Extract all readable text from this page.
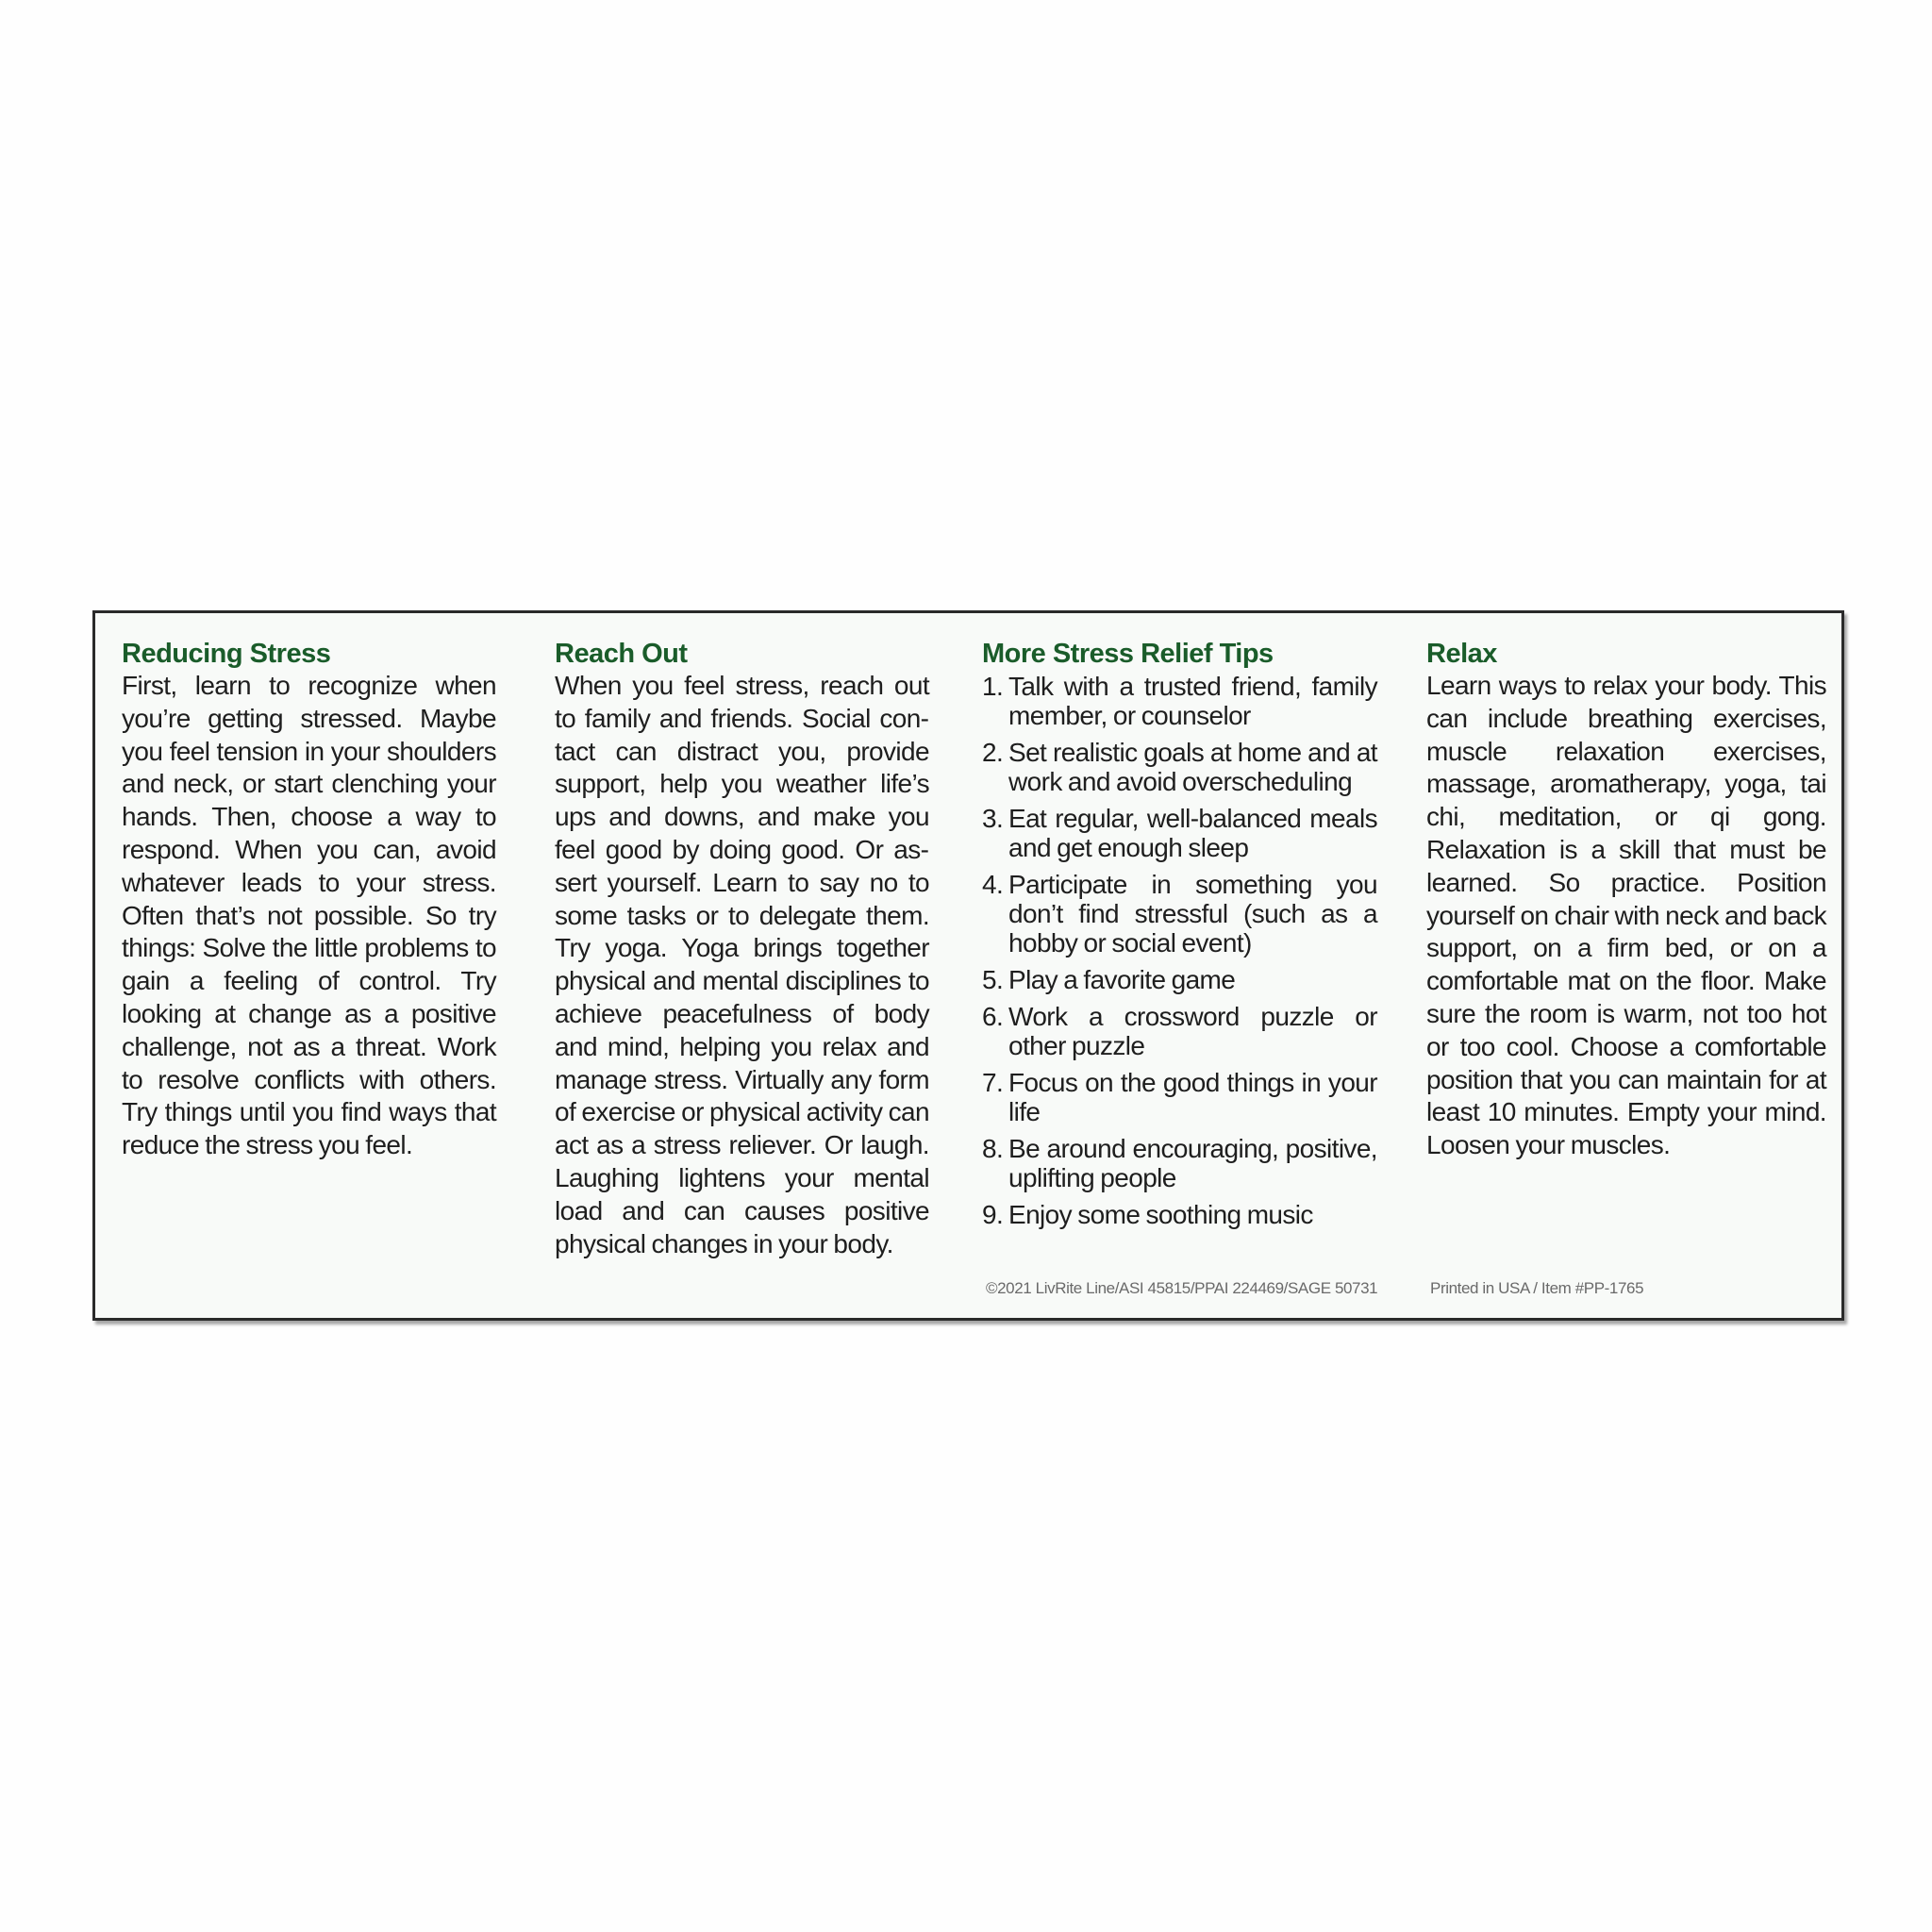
Reducing Stress

First, learn to recognize when you’re getting stressed. Maybe you feel tension in your shoulders and neck, or start clenching your hands. Then, choose a way to respond. When you can, avoid whatever leads to your stress. Often that’s not possible. So try things: Solve the little problems to gain a feeling of control. Try looking at change as a positive challenge, not as a threat. Work to resolve conflicts with others. Try things until you find ways that reduce the stress you feel.

Reach Out

When you feel stress, reach out to family and friends. Social contact can distract you, provide support, help you weather life’s ups and downs, and make you feel good by doing good. Or assert yourself. Learn to say no to some tasks or to delegate them. Try yoga. Yoga brings together physical and mental disciplines to achieve peacefulness of body and mind, helping you relax and manage stress. Virtually any form of exercise or physical activity can act as a stress reliever. Or laugh. Laughing lightens your mental load and can causes positive physical changes in your body.

More Stress Relief Tips
1. Talk with a trusted friend, family member, or counselor
2. Set realistic goals at home and at work and avoid overscheduling
3. Eat regular, well-balanced meals and get enough sleep
4. Participate in something you don’t find stressful (such as a hobby or social event)
5. Play a favorite game
6. Work a crossword puzzle or other puzzle
7. Focus on the good things in your life
8. Be around encouraging, positive, uplifting people
9. Enjoy some soothing music
©2021 LivRite Line/ASI 45815/PPAI 224469/SAGE 50731
Relax

Learn ways to relax your body. This can include breathing exercises, muscle relaxation exercises, massage, aromatherapy, yoga, tai chi, meditation, or qi gong. Relaxation is a skill that must be learned. So practice. Position yourself on chair with neck and back support, on a firm bed, or on a comfortable mat on the floor. Make sure the room is warm, not too hot or too cool. Choose a comfortable position that you can maintain for at least 10 minutes. Empty your mind. Loosen your muscles.

Printed in USA / Item #PP-1765
